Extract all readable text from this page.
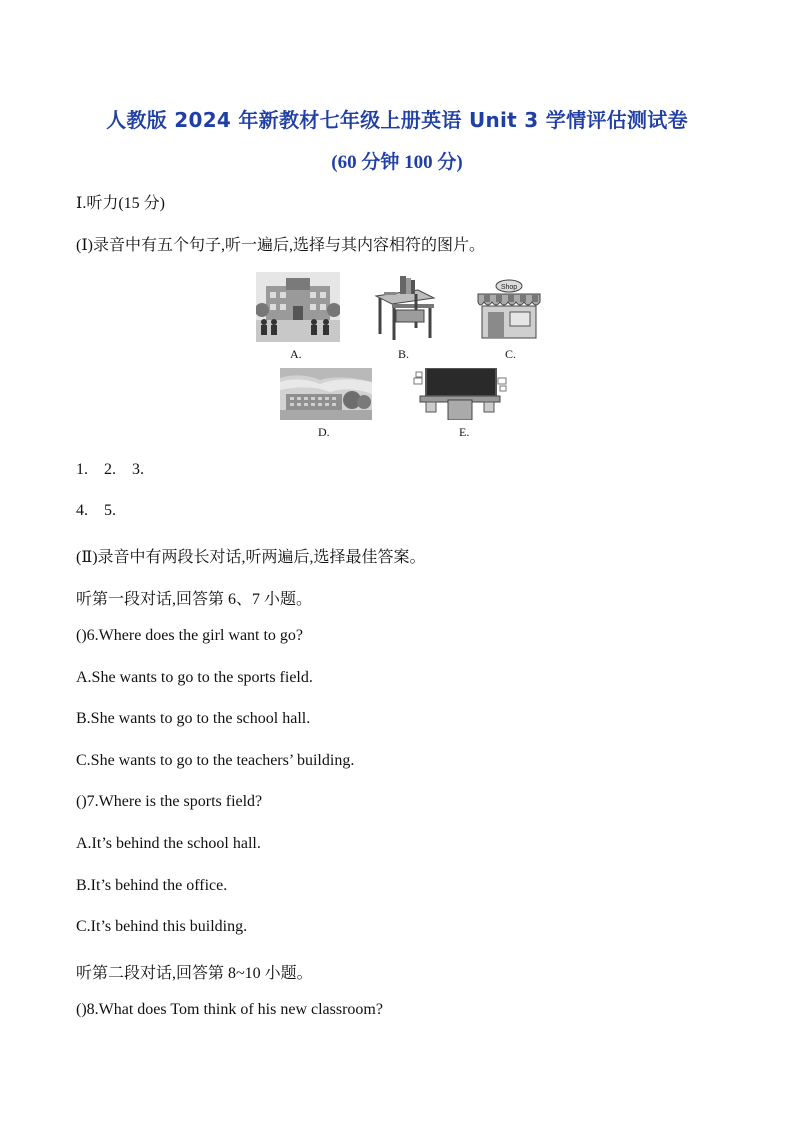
人教版 2024 年新教材七年级上册英语 Unit 3 学情评估测试卷
(60 分钟 100 分)
Ⅰ.听力(15 分)
(Ⅰ)录音中有五个句子,听一遍后,选择与其内容相符的图片。
A.	B.
Shop
C.
D.	E.
1.    2.    3.
4.    5.
(Ⅱ)录音中有两段长对话,听两遍后,选择最佳答案。
听第一段对话,回答第 6、7 小题。
()6.Where does the girl want to go?
A.She wants to go to the sports field.
B.She wants to go to the school hall.
C.She wants to go to the teachers’ building.
()7.Where is the sports field?
A.It’s behind the school hall.
B.It’s behind the office.
C.It’s behind this building.
听第二段对话,回答第 8~10 小题。
()8.What does Tom think of his new classroom?
